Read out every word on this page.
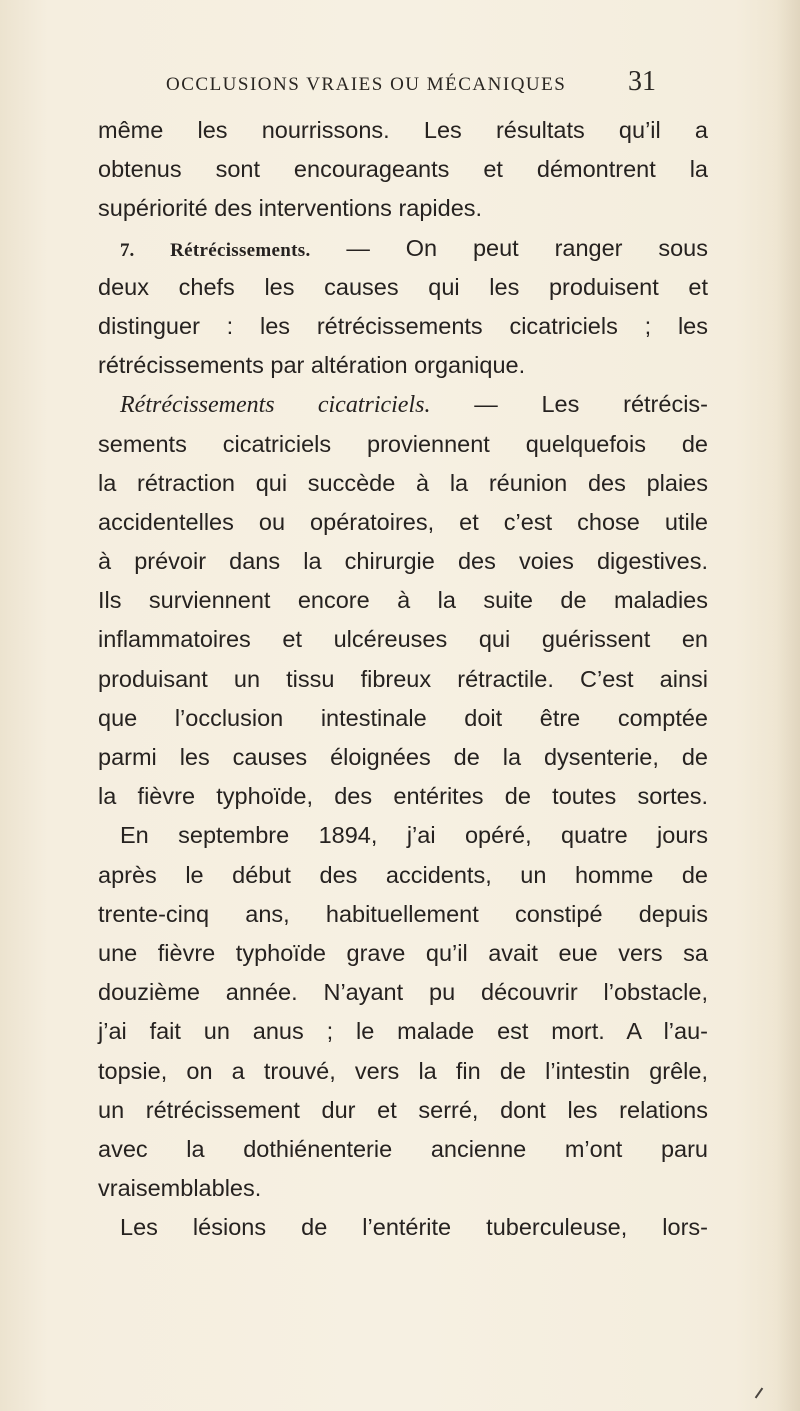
OCCLUSIONS VRAIES OU MÉCANIQUES 31
même les nourrissons. Les résultats qu’il a
obtenus sont encourageants et démontrent la
supériorité des interventions rapides.
7. Rétrécissements. — On peut ranger sous
deux chefs les causes qui les produisent et
distinguer : les rétrécissements cicatriciels ; les
rétrécissements par altération organique.
Rétrécissements cicatriciels. — Les rétrécis-
sements cicatriciels proviennent quelquefois de
la rétraction qui succède à la réunion des plaies
accidentelles ou opératoires, et c’est chose utile
à prévoir dans la chirurgie des voies digestives.
Ils surviennent encore à la suite de maladies
inflammatoires et ulcéreuses qui guérissent en
produisant un tissu fibreux rétractile. C’est ainsi
que l’occlusion intestinale doit être comptée
parmi les causes éloignées de la dysenterie, de
la fièvre typhoïde, des entérites de toutes sortes.
En septembre 1894, j’ai opéré, quatre jours
après le début des accidents, un homme de
trente-cinq ans, habituellement constipé depuis
une fièvre typhoïde grave qu’il avait eue vers sa
douzième année. N’ayant pu découvrir l’obstacle,
j’ai fait un anus ; le malade est mort. A l’au-
topsie, on a trouvé, vers la fin de l’intestin grêle,
un rétrécissement dur et serré, dont les relations
avec la dothiénenterie ancienne m’ont paru
vraisemblables.
Les lésions de l’entérite tuberculeuse, lors-
